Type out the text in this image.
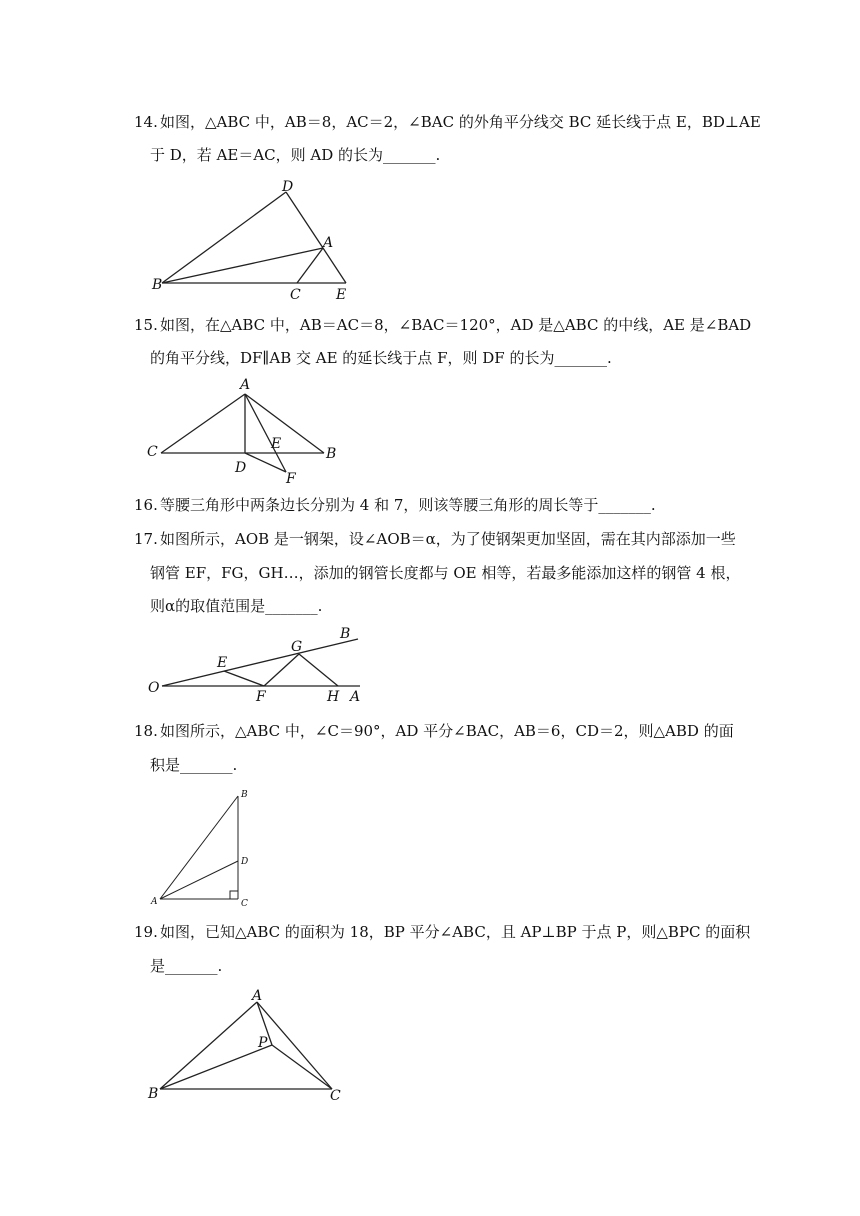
14. 如图，△ABC 中，AB＝8，AC＝2，∠BAC 的外角平分线交 BC 延长线于点 E，BD⊥AE
于 D，若 AE＝AC，则 AD 的长为_______.
D
A
B
C	E
15. 如图，在△ABC 中，AB＝AC＝8，∠BAC＝120°，AD 是△ABC 的中线，AE 是∠BAD
的角平分线，DF∥AB 交 AE 的延长线于点 F，则 DF 的长为_______.
A
C	E
B
D
F
16. 等腰三角形中两条边长分别为 4 和 7，则该等腰三角形的周长等于_______.
17. 如图所示，AOB 是一钢架，设∠AOB＝α，为了使钢架更加坚固，需在其内部添加一些
钢管 EF，FG，GH…，添加的钢管长度都与 OE 相等，若最多能添加这样的钢管 4 根，
则α的取值范围是_______.
B
G
E
O
F	H A
18. 如图所示，△ABC 中，∠C＝90°，AD 平分∠BAC，AB＝6，CD＝2，则△ABD 的面
积是_______.
B
D
A	C
19. 如图，已知△ABC 的面积为 18，BP 平分∠ABC，且 AP⊥BP 于点 P，则△BPC 的面积
是_______.
A
P
B	C
